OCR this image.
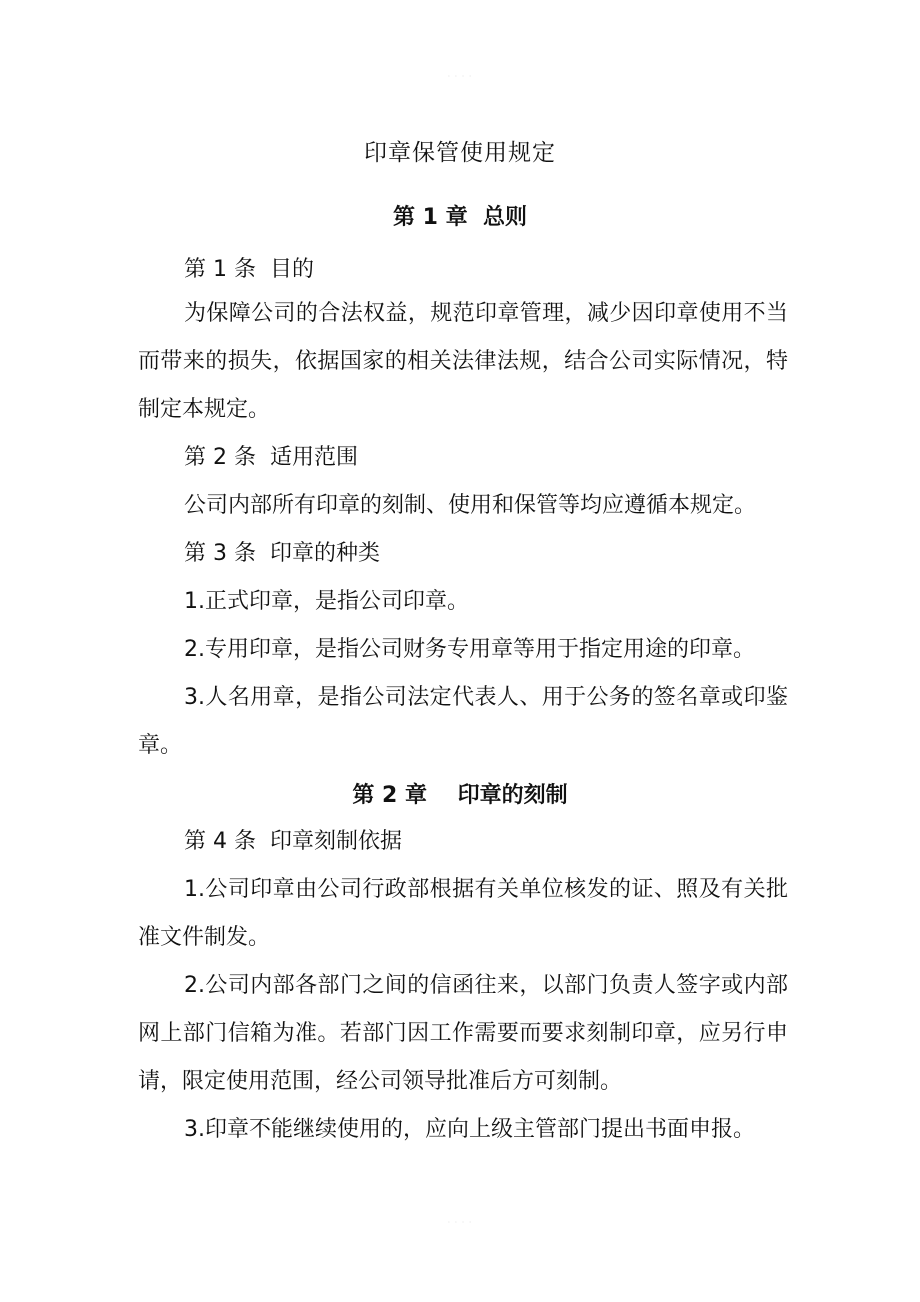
· · · ·
印章保管使用规定
第 1 章  总则

第 1 条  目的

为保障公司的合法权益，规范印章管理，减少因印章使用不当而带来的损失，依据国家的相关法律法规，结合公司实际情况，特制定本规定。

第 2 条  适用范围

公司内部所有印章的刻制、使用和保管等均应遵循本规定。

第 3 条  印章的种类

1.正式印章，是指公司印章。

2.专用印章，是指公司财务专用章等用于指定用途的印章。

3.人名用章，是指公司法定代表人、用于公务的签名章或印鉴章。

第 2 章    印章的刻制

第 4 条  印章刻制依据

1.公司印章由公司行政部根据有关单位核发的证、照及有关批准文件制发。

2.公司内部各部门之间的信函往来，以部门负责人签字或内部网上部门信箱为准。若部门因工作需要而要求刻制印章，应另行申请，限定使用范围，经公司领导批准后方可刻制。

3.印章不能继续使用的，应向上级主管部门提出书面申报。

· · · ·
